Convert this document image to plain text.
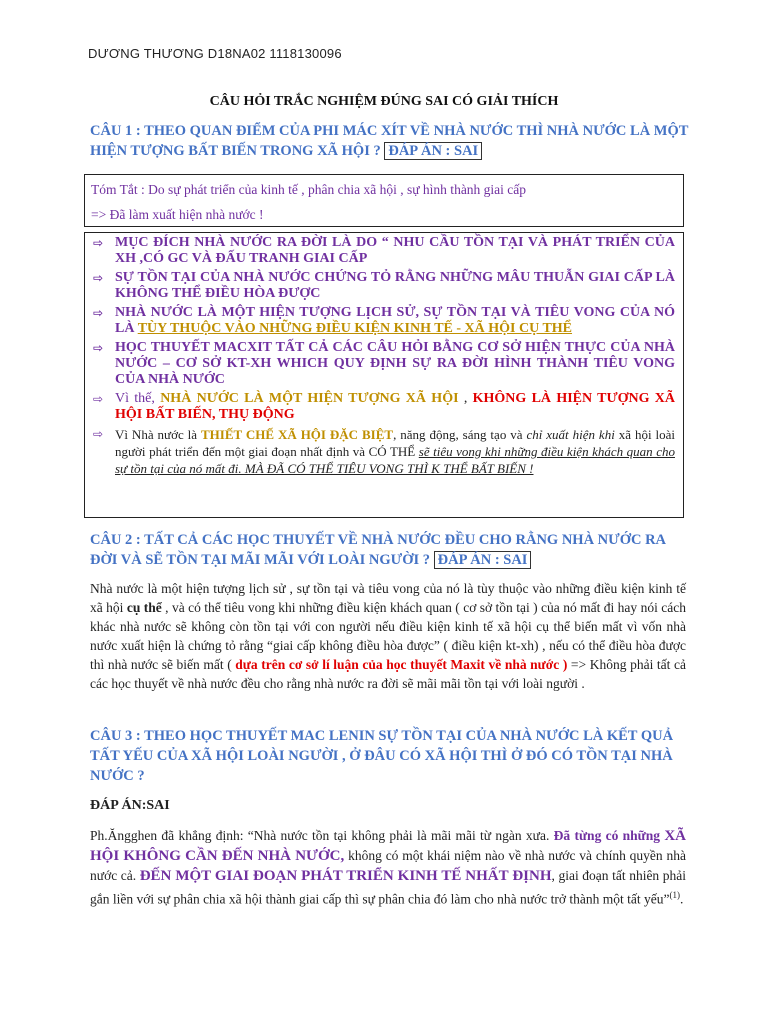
DƯƠNG THƯƠNG D18NA02 1118130096
CÂU HỎI TRẮC NGHIỆM ĐÚNG SAI CÓ GIẢI THÍCH
CÂU 1 : THEO QUAN ĐIỂM CỦA PHI MÁC XÍT VỀ NHÀ NƯỚC THÌ NHÀ NƯỚC LÀ MỘT HIỆN TƯỢNG BẤT BIẾN TRONG XÃ HỘI ? ĐÁP ÁN : SAI
Tóm Tắt : Do sự phát triển của kinh tế , phân chia xã hội , sự hình thành giai cấp
=> Đã làm xuất hiện nhà nước !
⇨ MỤC ĐÍCH NHÀ NƯỚC RA ĐỜI LÀ DO “ NHU CẦU TỒN TẠI VÀ PHÁT TRIỂN CỦA XH ,CÓ GC VÀ ĐẤU TRANH GIAI CẤP
⇨ SỰ TỒN TẠI CỦA NHÀ NƯỚC CHỨNG TỎ RẰNG NHỮNG MÂU THUẪN GIAI CẤP LÀ KHÔNG THỂ ĐIỀU HÒA ĐƯỢC
⇨ NHÀ NƯỚC LÀ MỘT HIỆN TƯỢNG LỊCH SỬ, SỰ TỒN TẠI VÀ TIÊU VONG CỦA NÓ LÀ TÙY THUỘC VÀO NHỮNG ĐIỀU KIỆN KINH TẾ - XÃ HỘI CỤ THỂ
⇨ HỌC THUYẾT MACXIT TẤT CẢ CÁC CÂU HỎI BẰNG CƠ SỞ HIỆN THỰC CỦA NHÀ NƯỚC – CƠ SỞ KT-XH WHICH QUY ĐỊNH SỰ RA ĐỜI HÌNH THÀNH TIÊU VONG CỦA NHÀ NƯỚC
⇨ Vì thế, NHÀ NƯỚC LÀ MỘT HIỆN TƯỢNG XÃ HỘI , KHÔNG LÀ HIỆN TƯỢNG XÃ HỘI BẤT BIẾN, THỤ ĐỘNG
⇨ Vì Nhà nước là THIẾT CHẾ XÃ HỘI ĐẶC BIỆT, năng động, sáng tạo và chỉ xuất hiện khi xã hội loài người phát triển đến một giai đoạn nhất định và CÓ THỂ sẽ tiêu vong khi những điều kiện khách quan cho sự tồn tại của nó mất đi. MÀ ĐÃ CÓ THỂ TIÊU VONG THÌ K THỂ BẤT BIẾN !
CÂU 2 : TẤT CẢ CÁC HỌC THUYẾT VỀ NHÀ NƯỚC ĐỀU CHO RẰNG NHÀ NƯỚC RA ĐỜI VÀ SẼ TỒN TẠI MÃI MÃI VỚI LOÀI NGƯỜI ? ĐÁP ÁN : SAI
Nhà nước là một hiện tượng lịch sử , sự tồn tại và tiêu vong của nó là tùy thuộc vào những điều kiện kinh tế xã hội cụ thể , và có thể tiêu vong khi những điều kiện khách quan ( cơ sở tồn tại ) của nó mất đi hay nói cách khác nhà nước sẽ không còn tồn tại với con người nếu điều kiện kinh tế xã hội cụ thể biến mất vì vốn nhà nước xuất hiện là chứng tỏ rằng “giai cấp không điều hòa được” ( điều kiện kt-xh) , nếu có thể điều hòa được thì nhà nước sẽ biến mất ( dựa trên cơ sở lí luận của học thuyết Maxit về nhà nước ) => Không phải tất cả các học thuyết về nhà nước đều cho rằng nhà nước ra đời sẽ mãi mãi tồn tại với loài người .
CÂU 3 : THEO HỌC THUYẾT MAC LENIN SỰ TỒN TẠI CỦA NHÀ NƯỚC LÀ KẾT QUẢ TẤT YẾU CỦA XÃ HỘI LOÀI NGƯỜI , Ở ĐÂU CÓ XÃ HỘI THÌ Ở ĐÓ CÓ TỒN TẠI NHÀ NƯỚC ?
ĐÁP ÁN:SAI
Ph.Ăngghen đã khẳng định: “Nhà nước tồn tại không phải là mãi mãi từ ngàn xưa. Đã từng có những XÃ HỘI KHÔNG CẦN ĐẾN NHÀ NƯỚC, không có một khái niệm nào về nhà nước và chính quyền nhà nước cả. ĐẾN MỘT GIAI ĐOẠN PHÁT TRIỂN KINH TẾ NHẤT ĐỊNH, giai đoạn tất nhiên phải gắn liền với sự phân chia xã hội thành giai cấp thì sự phân chia đó làm cho nhà nước trở thành một tất yếu”$^{(1)}$.
